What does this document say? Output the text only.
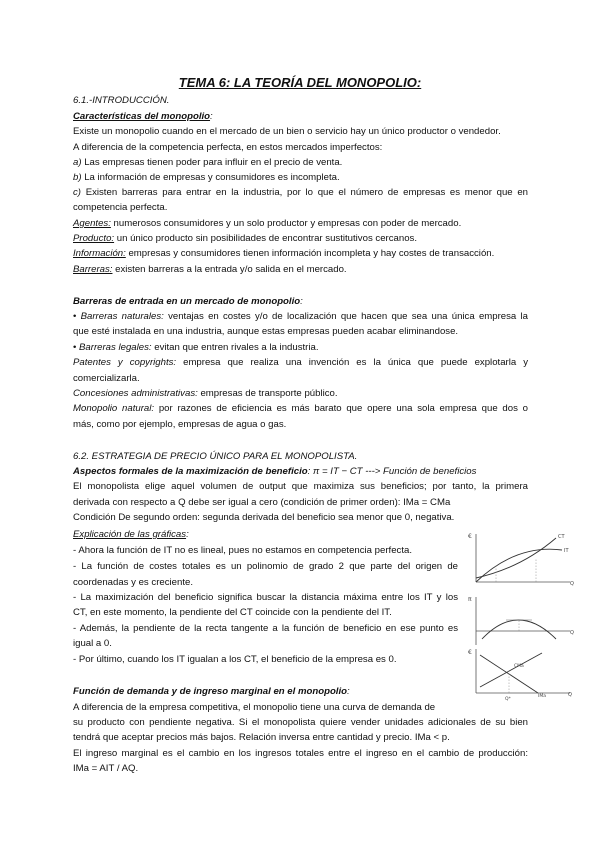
TEMA 6: LA TEORÍA DEL MONOPOLIO:
6.1.-INTRODUCCIÓN.
Características del monopolio:
Existe un monopolio cuando en el mercado de un bien o servicio hay un único productor o vendedor.
A diferencia de la competencia perfecta, en estos mercados imperfectos:
a) Las empresas tienen poder para influir en el precio de venta.
b) La información de empresas y consumidores es incompleta.
c) Existen barreras para entrar en la industria, por lo que el número de empresas es menor que en
competencia perfecta.
Agentes: numerosos consumidores y un solo productor y empresas con poder de mercado.
Producto: un único producto sin posibilidades de encontrar sustitutivos cercanos.
Información: empresas y consumidores tienen información incompleta y hay costes de transacción.
Barreras: existen barreras a la entrada y/o salida en el mercado.
Barreras de entrada en un mercado de monopolio:
• Barreras naturales: ventajas en costes y/o de localización que hacen que sea una única empresa la
que esté instalada en una industria, aunque estas empresas pueden acabar eliminandose.
• Barreras legales: evitan que entren rivales a la industria.
Patentes y copyrights: empresa que realiza una invención es la única que puede explotarla y
comercializarla.
Concesiones administrativas: empresas de transporte público.
Monopolio natural: por razones de eficiencia es más barato que opere una sola empresa que dos o
más, como por ejemplo, empresas de agua o gas.
6.2. ESTRATEGIA DE PRECIO ÚNICO PARA EL MONOPOLISTA.
Aspectos formales de la maximización de beneficio: π = IT − CT ---> Función de beneficios
El monopolista elige aquel volumen de output que maximiza sus beneficios; por tanto, la primera
derivada con respecto a Q debe ser igual a cero (condición de primer orden): IMa = CMa
Condición De segundo orden: segunda derivada del beneficio sea menor que 0, negativa.
Explicación de las gráficas:
- Ahora la función de IT no es lineal, pues no estamos en competencia perfecta.
- La función de costes totales es un polinomio de grado 2 que parte del origen de
coordenadas y es creciente.
- La maximización del beneficio significa buscar la distancia máxima entre los IT y los
CT, en este momento, la pendiente del CT coincide con la pendiente del IT.
- Además, la pendiente de la recta tangente a la función de beneficio en ese punto es
igual a 0.
- Por último, cuando los IT igualan a los CT, el beneficio de la empresa es 0.
Función de demanda y de ingreso marginal en el monopolio:
A diferencia de la empresa competitiva, el monopolio tiene una curva de demanda de
su producto con pendiente negativa. Si el monopolista quiere vender unidades adicionales de su bien
tendrá que aceptar precios más bajos. Relación inversa entre cantidad y precio. IMa < p.
El ingreso marginal es el cambio en los ingresos totales entre el ingreso en el cambio de producción:
IMa = AIT / AQ.
€	CT
IT
Q
π
Q
€
CMa
Q*
IMa	Q
